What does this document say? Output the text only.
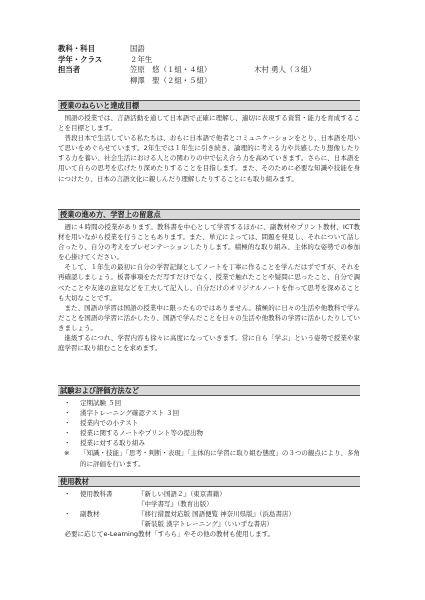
教科・科目	国語
学年・クラス	２年生
担当者	笠原　悠（１組・４組）	木村 勇人（３組）
柳澤　聖（２組・５組）
授業のねらいと達成目標

国語の授業では、言語活動を通して日本語で正確に理解し、適切に表現する資質・能力を育成することを目標とします。

普段日本で生活している私たちは、おもに日本語で他者とコミュニケーションをとり、日本語を用いて思いをめぐらせています。2年生では１年生に引き続き、論理的に考える力や共感したり想像したりする力を養い、社会生活における人との関わりの中で伝え合う力を高めていきます。さらに、日本語を用いて自らの思考を広げたり深めたりすることを目指します。また、そのために必要な知識や技能を身につけたり、日本の言語文化に親しんだり理解したりすることにも取り組みます。

授業の進め方、学習上の留意点

週に４時間の授業があります。教科書を中心として学習するほかに、副教材やプリント教材、ICT教材を用いながら授業を行うこともあります。また、単元によっては、問題を発見し、それについて話し合ったり、自分の考えをプレゼンテーションしたりします。積極的な取り組み、主体的な姿勢での参加を心掛けてください。

そして、１年生の最初に自分の学習記録としてノートを丁寧に作ることを学んだはずですが、それを再確認しましょう。板書事項をただ写すだけでなく、授業で触れたことや疑問に思ったこと、自分で調べたことや友達の意見などを工夫して記入し、自分だけのオリジナルノートを作って思考を深めることも大切なことです。

また、国語の学習は国語の授業中に限ったものではありません。積極的に日々の生活や他教科で学んだことを国語の学習に活かしたり、国語で学んだことを日々の生活や他教科の学習に活かしたりしていきましょう。

進級するにつれ、学習内容も徐々に高度になっていきます。常に自ら「学ぶ」という姿勢で授業や家庭学習に取り組むことを求めます。

試験および評価方法など
・ 定期試験 ５回
・ 漢字トレーニング確認テスト ３回
・ 授業内での小テスト
・ 授業に関するノートやプリント等の提出物
・ 授業に対する取り組み
※ 「知識・技能」「思考・判断・表現」「主体的に学習に取り組む態度」の３つの観点により、多角的に評価を行います。
使用教材
・ 使用教科書	『新しい国語２』（東京書籍）
『中学書写』（教育出版）
・ 副教材	『移行措置対応版 国語便覧 神奈川県版』（浜島書店）
『新装版 漢字トレーニング』（いいずな書店）

必要に応じてe-Learning教材「すらら」やその他の教材も使用します。
